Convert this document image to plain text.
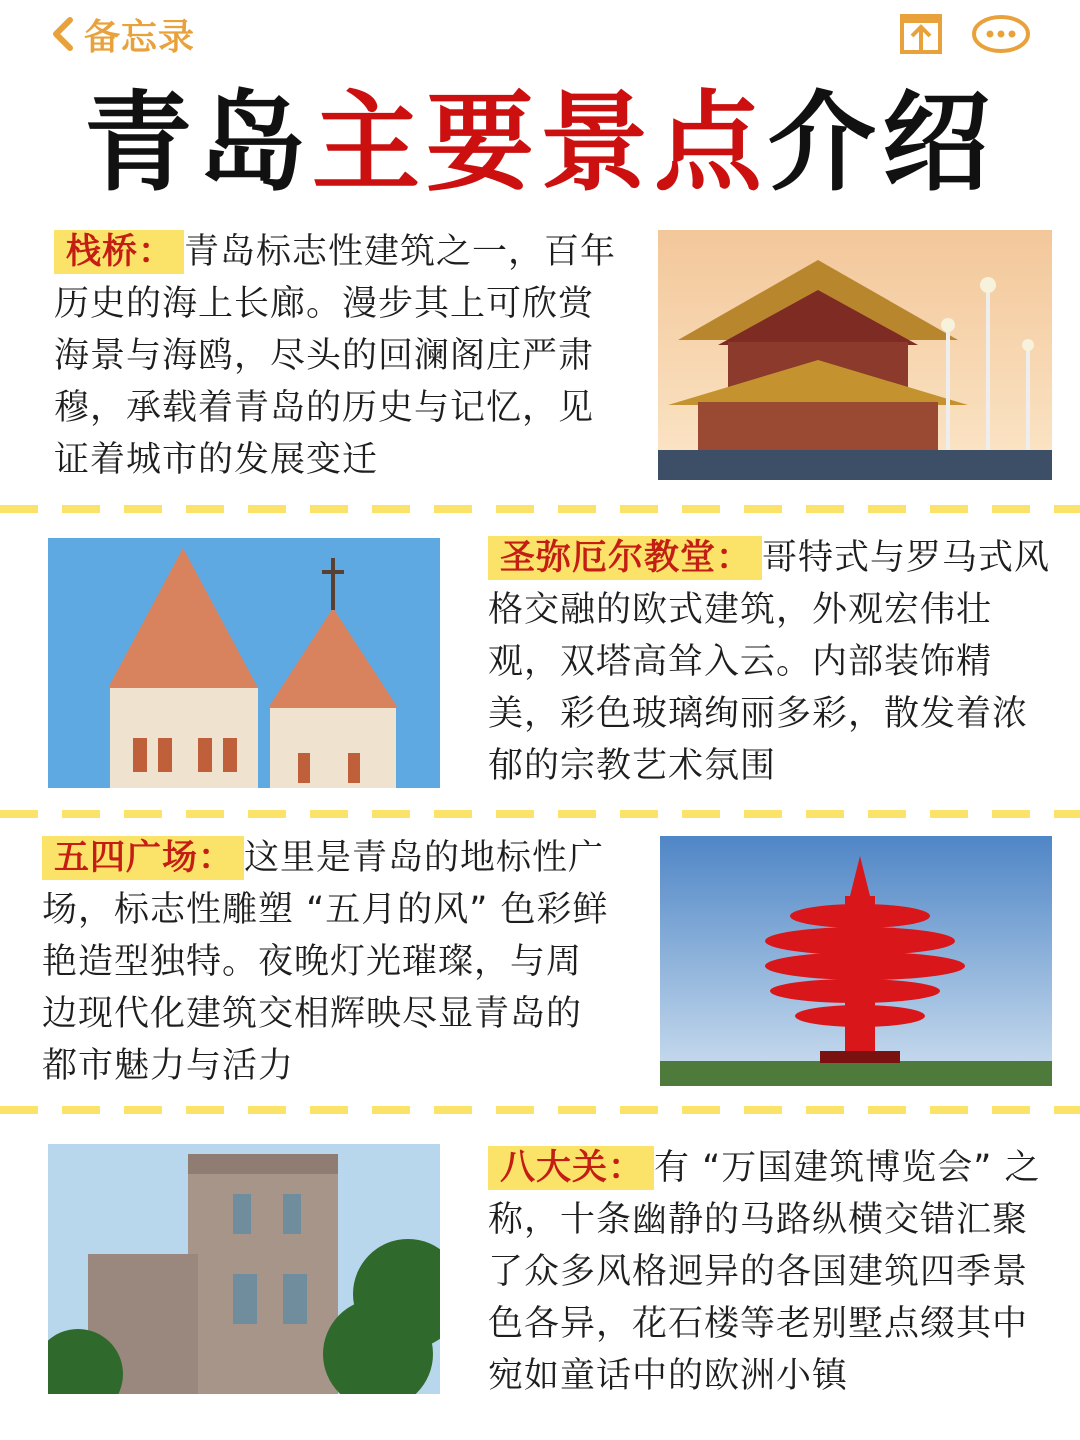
备忘录
青岛主要景点介绍
栈桥： 青岛标志性建筑之一，百年历史的海上长廊。漫步其上可欣赏海景与海鸥，尽头的回澜阁庄严肃穆，承载着青岛的历史与记忆，见证着城市的发展变迁
圣弥厄尔教堂： 哥特式与罗马式风格交融的欧式建筑，外观宏伟壮观，双塔高耸入云。内部装饰精美，彩色玻璃绚丽多彩，散发着浓郁的宗教艺术氛围
五四广场： 这里是青岛的地标性广场，标志性雕塑 “五月的风” 色彩鲜艳造型独特。夜晚灯光璀璨，与周边现代化建筑交相辉映尽显青岛的都市魅力与活力
八大关： 有 “万国建筑博览会” 之称，十条幽静的马路纵横交错汇聚了众多风格迥异的各国建筑四季景色各异，花石楼等老别墅点缀其中宛如童话中的欧洲小镇
